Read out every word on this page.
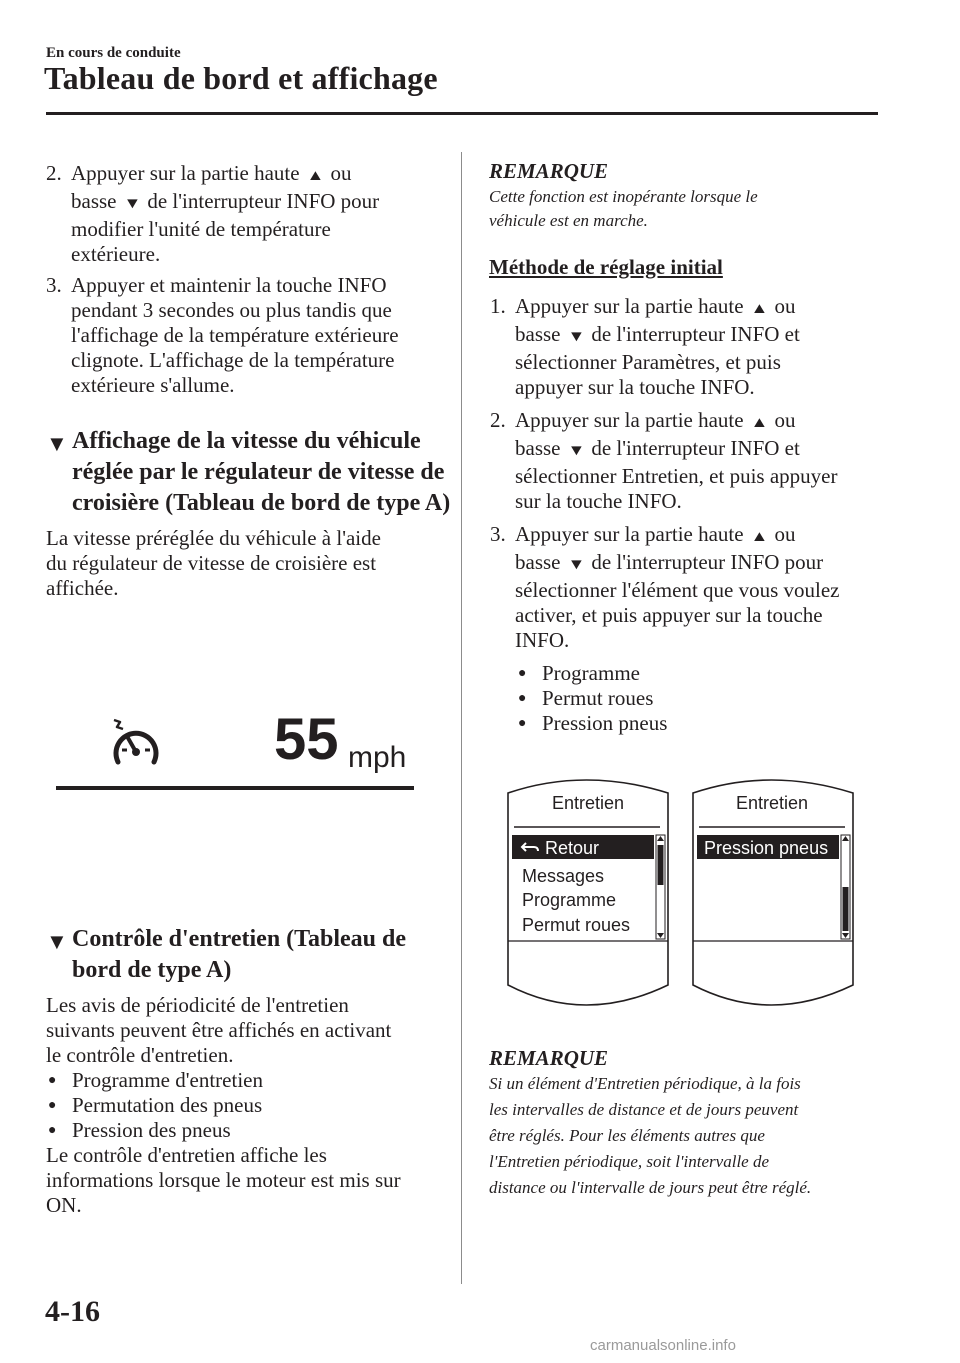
En cours de conduite
Tableau de bord et affichage
2. Appuyer sur la partie haute ▲ ou
basse ▼ de l'interrupteur INFO pour
modifier l'unité de température
extérieure.
3. Appuyer et maintenir la touche INFO
pendant 3 secondes ou plus tandis que
l'affichage de la température extérieure
clignote. L'affichage de la température
extérieure s'allume.
▼ Affichage de la vitesse du véhicule
réglée par le régulateur de vitesse de
croisière (Tableau de bord de type A)
La vitesse préréglée du véhicule à l'aide
du régulateur de vitesse de croisière est
affichée.
55 mph
▼ Contrôle d'entretien (Tableau de
bord de type A)
Les avis de périodicité de l'entretien
suivants peuvent être affichés en activant
le contrôle d'entretien.
● Programme d'entretien
● Permutation des pneus
● Pression des pneus
Le contrôle d'entretien affiche les
informations lorsque le moteur est mis sur
ON.
REMARQUE
Cette fonction est inopérante lorsque le
véhicule est en marche.
Méthode de réglage initial
1. Appuyer sur la partie haute ▲ ou
basse ▼ de l'interrupteur INFO et
sélectionner Paramètres, et puis
appuyer sur la touche INFO.
2. Appuyer sur la partie haute ▲ ou
basse ▼ de l'interrupteur INFO et
sélectionner Entretien, et puis appuyer
sur la touche INFO.
3. Appuyer sur la partie haute ▲ ou
basse ▼ de l'interrupteur INFO pour
sélectionner l'élément que vous voulez
activer, et puis appuyer sur la touche
INFO.
● Programme
● Permut roues
● Pression pneus
Entretien
Retour
Messages
Programme
Permut roues
Entretien
Pression pneus
REMARQUE
Si un élément d'Entretien périodique, à la fois
les intervalles de distance et de jours peuvent
être réglés. Pour les éléments autres que
l'Entretien périodique, soit l'intervalle de
distance ou l'intervalle de jours peut être réglé.
4-16
carmanualsonline.info
